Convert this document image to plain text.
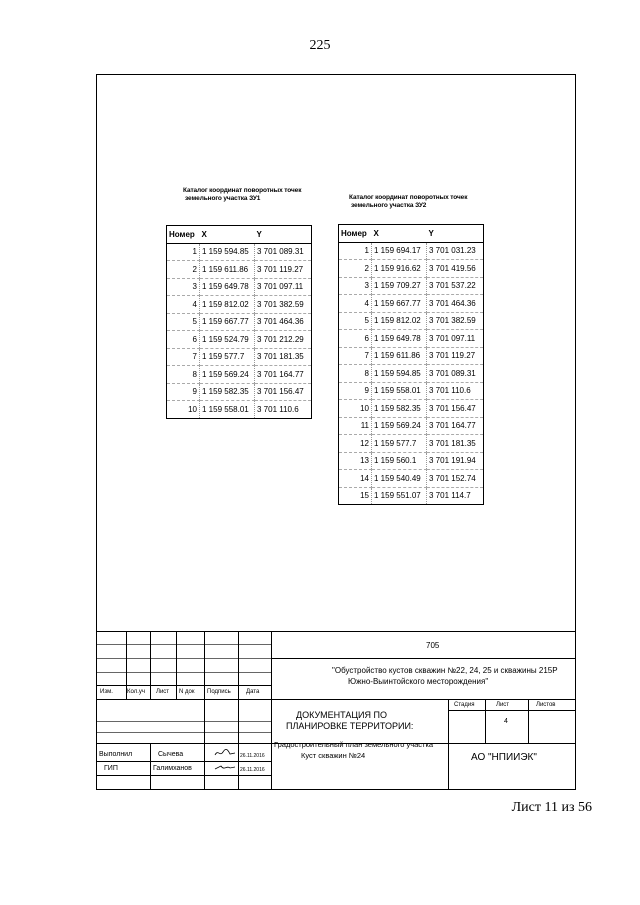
225
Каталог координат поворотных точек
земельного участка ЗУ1
Номер	X	Y
1	1 159 594.85	3 701 089.31
2	1 159 611.86	3 701 119.27
3	1 159 649.78	3 701 097.11
4	1 159 812.02	3 701 382.59
5	1 159 667.77	3 701 464.36
6	1 159 524.79	3 701 212.29
7	1 159 577.7	3 701 181.35
8	1 159 569.24	3 701 164.77
9	1 159 582.35	3 701 156.47
10	1 159 558.01	3 701 110.6
Каталог координат поворотных точек
земельного участка ЗУ2
Номер	X	Y
1	1 159 694.17	3 701 031.23
2	1 159 916.62	3 701 419.56
3	1 159 709.27	3 701 537.22
4	1 159 667.77	3 701 464.36
5	1 159 812.02	3 701 382.59
6	1 159 649.78	3 701 097.11
7	1 159 611.86	3 701 119.27
8	1 159 594.85	3 701 089.31
9	1 159 558.01	3 701 110.6
10	1 159 582.35	3 701 156.47
11	1 159 569.24	3 701 164.77
12	1 159 577.7	3 701 181.35
13	1 159 560.1	3 701 191.94
14	1 159 540.49	3 701 152.74
15	1 159 551.07	3 701 114.7
705
"Обустройство кустов скважин №22, 24, 25 и скважины 215Р
Южно-Выинтойского месторождения"
Изм. Кол.уч Лист N док Подпись	Дата
ДОКУМЕНТАЦИЯ ПО
ПЛАНИРОВКЕ ТЕРРИТОРИИ:
Стадия	Лист	Листов
4
Градостроительный план земельного участка
Куст скважин №24	АО "НПИИЭК"
Выполнил	Сычева	26.11.2016
ГИП	Галимханов	26.11.2016
Лист 11 из 56
